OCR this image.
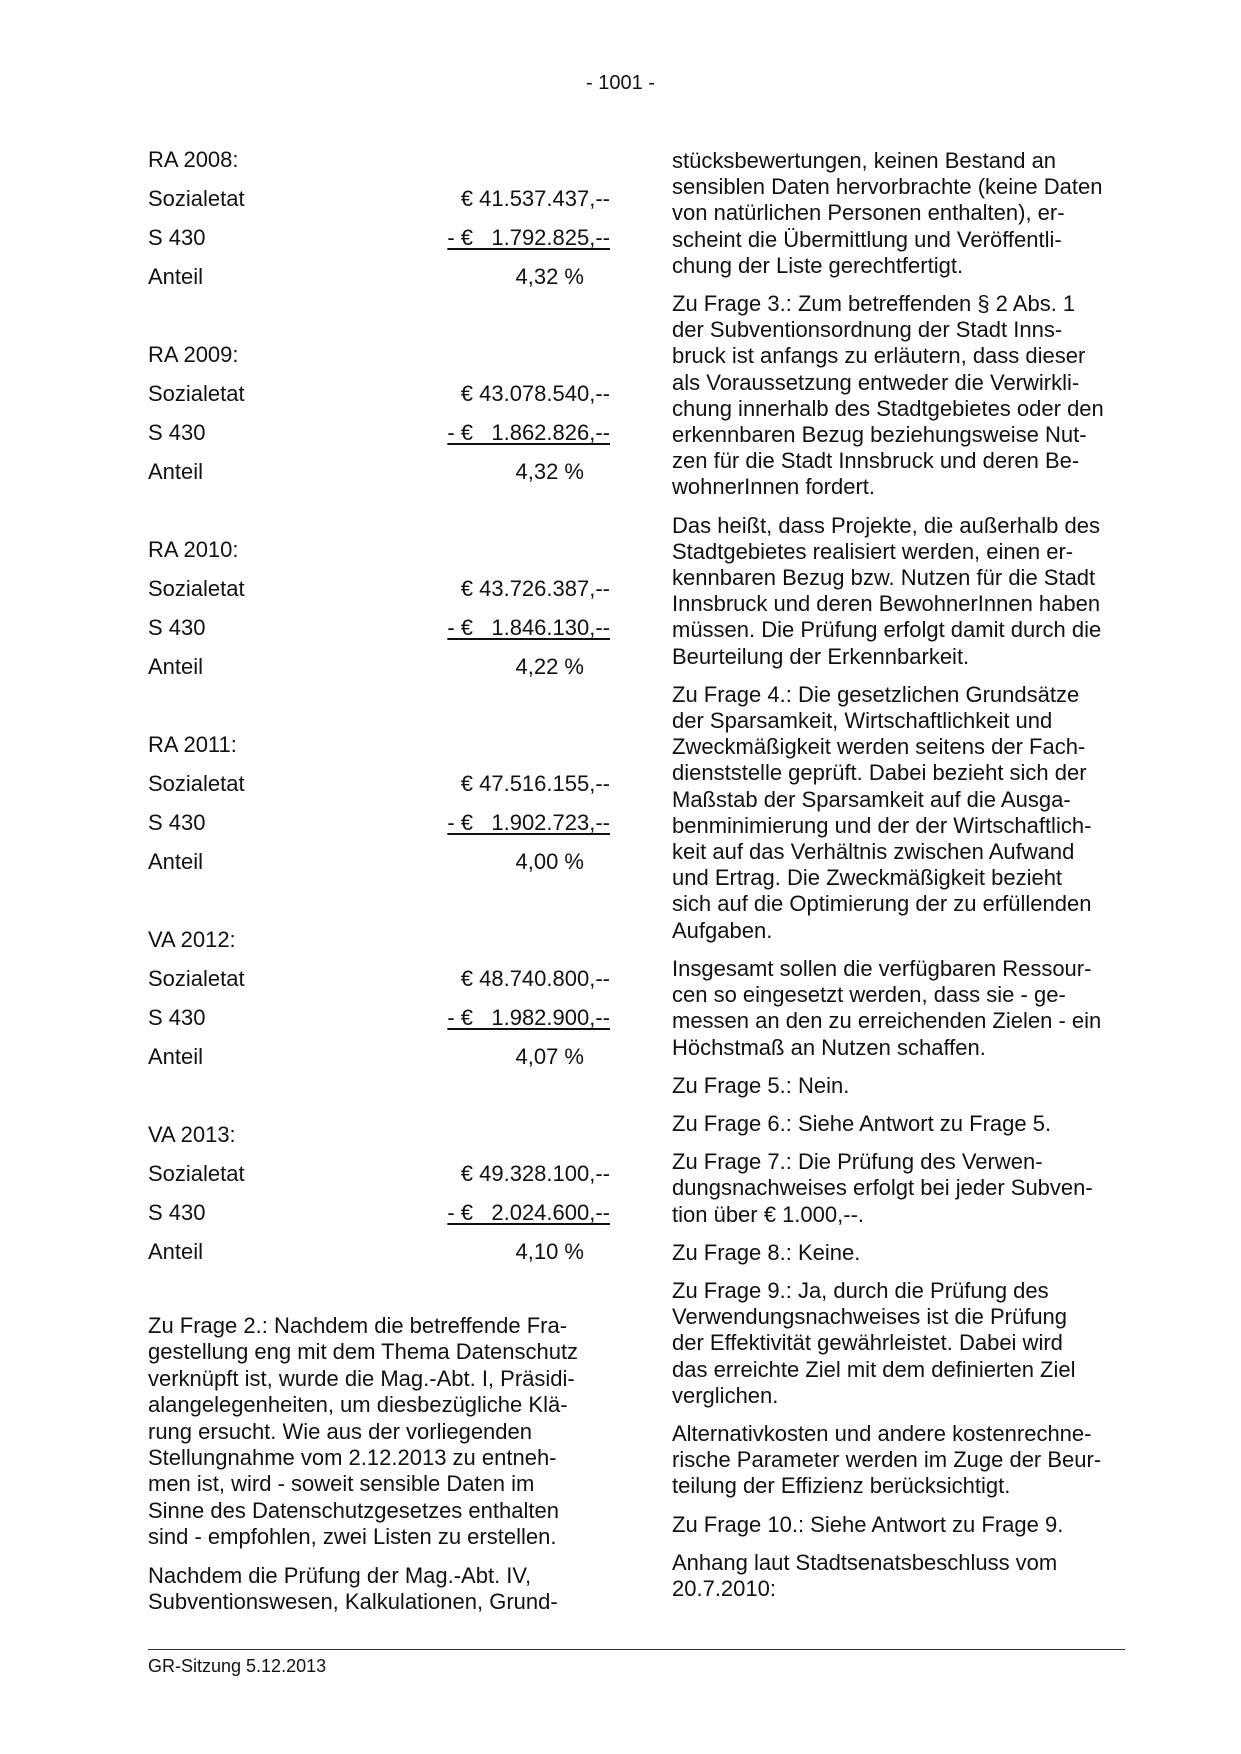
- 1001 -
RA 2008:
Sozialetat	€ 41.537.437,--
S 430	- €   1.792.825,--
Anteil	4,32 %
RA 2009:
Sozialetat	€ 43.078.540,--
S 430	- €   1.862.826,--
Anteil	4,32 %
RA 2010:
Sozialetat	€ 43.726.387,--
S 430	- €   1.846.130,--
Anteil	4,22 %
RA 2011:
Sozialetat	€ 47.516.155,--
S 430	- €   1.902.723,--
Anteil	4,00 %
VA 2012:
Sozialetat	€ 48.740.800,--
S 430	- €   1.982.900,--
Anteil	4,07 %
VA 2013:
Sozialetat	€ 49.328.100,--
S 430	- €   2.024.600,--
Anteil	4,10 %

Zu Frage 2.: Nachdem die betreffende Fra-
gestellung eng mit dem Thema Datenschutz
verknüpft ist, wurde die Mag.-Abt. I, Präsidi-
alangelegenheiten, um diesbezügliche Klä-
rung ersucht. Wie aus der vorliegenden
Stellungnahme vom 2.12.2013 zu entneh-
men ist, wird - soweit sensible Daten im
Sinne des Datenschutzgesetzes enthalten
sind - empfohlen, zwei Listen zu erstellen.

Nachdem die Prüfung der Mag.-Abt. IV,
Subventionswesen, Kalkulationen, Grund-

stücksbewertungen, keinen Bestand an
sensiblen Daten hervorbrachte (keine Daten
von natürlichen Personen enthalten), er-
scheint die Übermittlung und Veröffentli-
chung der Liste gerechtfertigt.

Zu Frage 3.: Zum betreffenden § 2 Abs. 1
der Subventionsordnung der Stadt Inns-
bruck ist anfangs zu erläutern, dass dieser
als Voraussetzung entweder die Verwirkli-
chung innerhalb des Stadtgebietes oder den
erkennbaren Bezug beziehungsweise Nut-
zen für die Stadt Innsbruck und deren Be-
wohnerInnen fordert.

Das heißt, dass Projekte, die außerhalb des
Stadtgebietes realisiert werden, einen er-
kennbaren Bezug bzw. Nutzen für die Stadt
Innsbruck und deren BewohnerInnen haben
müssen. Die Prüfung erfolgt damit durch die
Beurteilung der Erkennbarkeit.

Zu Frage 4.: Die gesetzlichen Grundsätze
der Sparsamkeit, Wirtschaftlichkeit und
Zweckmäßigkeit werden seitens der Fach-
dienststelle geprüft. Dabei bezieht sich der
Maßstab der Sparsamkeit auf die Ausga-
benminimierung und der der Wirtschaftlich-
keit auf das Verhältnis zwischen Aufwand
und Ertrag. Die Zweckmäßigkeit bezieht
sich auf die Optimierung der zu erfüllenden
Aufgaben.

Insgesamt sollen die verfügbaren Ressour-
cen so eingesetzt werden, dass sie - ge-
messen an den zu erreichenden Zielen - ein
Höchstmaß an Nutzen schaffen.

Zu Frage 5.: Nein.

Zu Frage 6.: Siehe Antwort zu Frage 5.

Zu Frage 7.: Die Prüfung des Verwen-
dungsnachweises erfolgt bei jeder Subven-
tion über € 1.000,--.

Zu Frage 8.: Keine.

Zu Frage 9.: Ja, durch die Prüfung des
Verwendungsnachweises ist die Prüfung
der Effektivität gewährleistet. Dabei wird
das erreichte Ziel mit dem definierten Ziel
verglichen.

Alternativkosten und andere kostenrechne-
rische Parameter werden im Zuge der Beur-
teilung der Effizienz berücksichtigt.

Zu Frage 10.: Siehe Antwort zu Frage 9.

Anhang laut Stadtsenatsbeschluss vom
20.7.2010:

GR-Sitzung 5.12.2013
